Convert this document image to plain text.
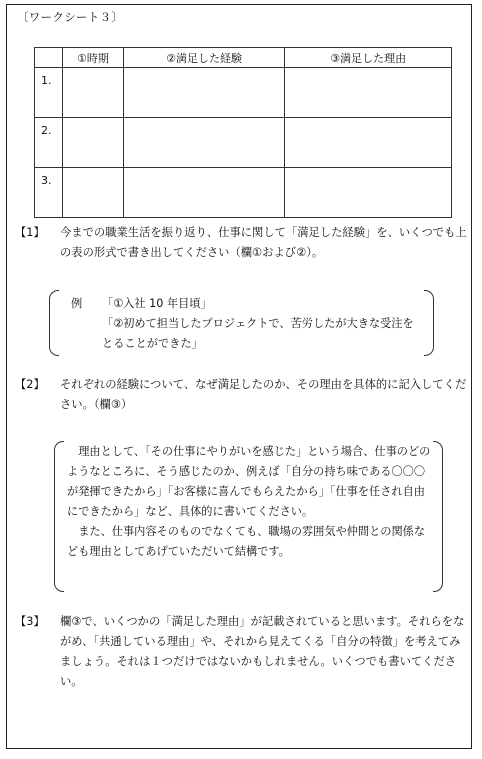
〔ワークシート３〕
	①時期	②満足した経験	③満足した理由
1.			
2.			
3.			
【1】 今までの職業生活を振り返り、仕事に関して「満足した経験」を、いくつでも上の表の形式で書き出してください（欄①および②）。
例 「①入社 10 年目頃」
「②初めて担当したプロジェクトで、苦労したが大きな受注をとることができた」
【2】 それぞれの経験について、なぜ満足したのか、その理由を具体的に記入してください。（欄③）

理由として、「その仕事にやりがいを感じた」という場合、仕事のどのようなところに、そう感じたのか、例えば「自分の持ち味である〇〇〇が発揮できたから」「お客様に喜んでもらえたから」「仕事を任され自由にできたから」など、具体的に書いてください。

また、仕事内容そのものでなくても、職場の雰囲気や仲間との関係なども理由としてあげていただいて結構です。

【3】 欄③で、いくつかの「満足した理由」が記載されていると思います。それらをながめ、「共通している理由」や、それから見えてくる「自分の特徴」を考えてみましょう。それは１つだけではないかもしれません。いくつでも書いてください。
